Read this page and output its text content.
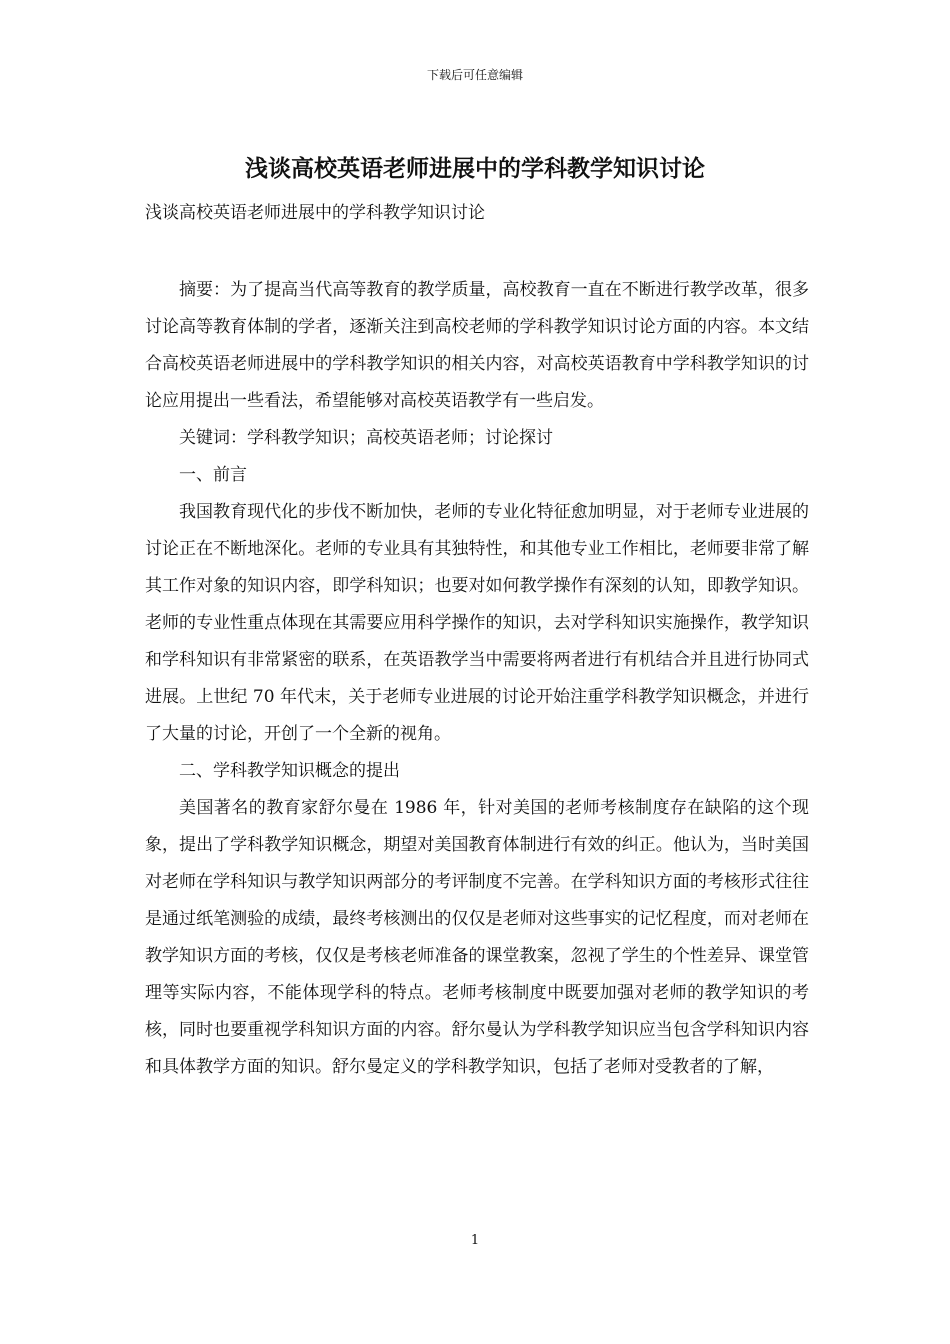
下载后可任意编辑
浅谈高校英语老师进展中的学科教学知识讨论
浅谈高校英语老师进展中的学科教学知识讨论

摘要：为了提高当代高等教育的教学质量，高校教育一直在不断进行教学改革，很多讨论高等教育体制的学者，逐渐关注到高校老师的学科教学知识讨论方面的内容。本文结合高校英语老师进展中的学科教学知识的相关内容，对高校英语教育中学科教学知识的讨论应用提出一些看法，希望能够对高校英语教学有一些启发。

关键词：学科教学知识；高校英语老师；讨论探讨

一、前言

我国教育现代化的步伐不断加快，老师的专业化特征愈加明显，对于老师专业进展的讨论正在不断地深化。老师的专业具有其独特性，和其他专业工作相比，老师要非常了解其工作对象的知识内容，即学科知识；也要对如何教学操作有深刻的认知，即教学知识。老师的专业性重点体现在其需要应用科学操作的知识，去对学科知识实施操作，教学知识和学科知识有非常紧密的联系，在英语教学当中需要将两者进行有机结合并且进行协同式进展。上世纪 70 年代末，关于老师专业进展的讨论开始注重学科教学知识概念，并进行了大量的讨论，开创了一个全新的视角。

二、学科教学知识概念的提出

美国著名的教育家舒尔曼在 1986 年，针对美国的老师考核制度存在缺陷的这个现象，提出了学科教学知识概念，期望对美国教育体制进行有效的纠正。他认为，当时美国对老师在学科知识与教学知识两部分的考评制度不完善。在学科知识方面的考核形式往往是通过纸笔测验的成绩，最终考核测出的仅仅是老师对这些事实的记忆程度，而对老师在教学知识方面的考核，仅仅是考核老师准备的课堂教案，忽视了学生的个性差异、课堂管理等实际内容，不能体现学科的特点。老师考核制度中既要加强对老师的教学知识的考核，同时也要重视学科知识方面的内容。舒尔曼认为学科教学知识应当包含学科知识内容和具体教学方面的知识。舒尔曼定义的学科教学知识，包括了老师对受教者的了解，

1
